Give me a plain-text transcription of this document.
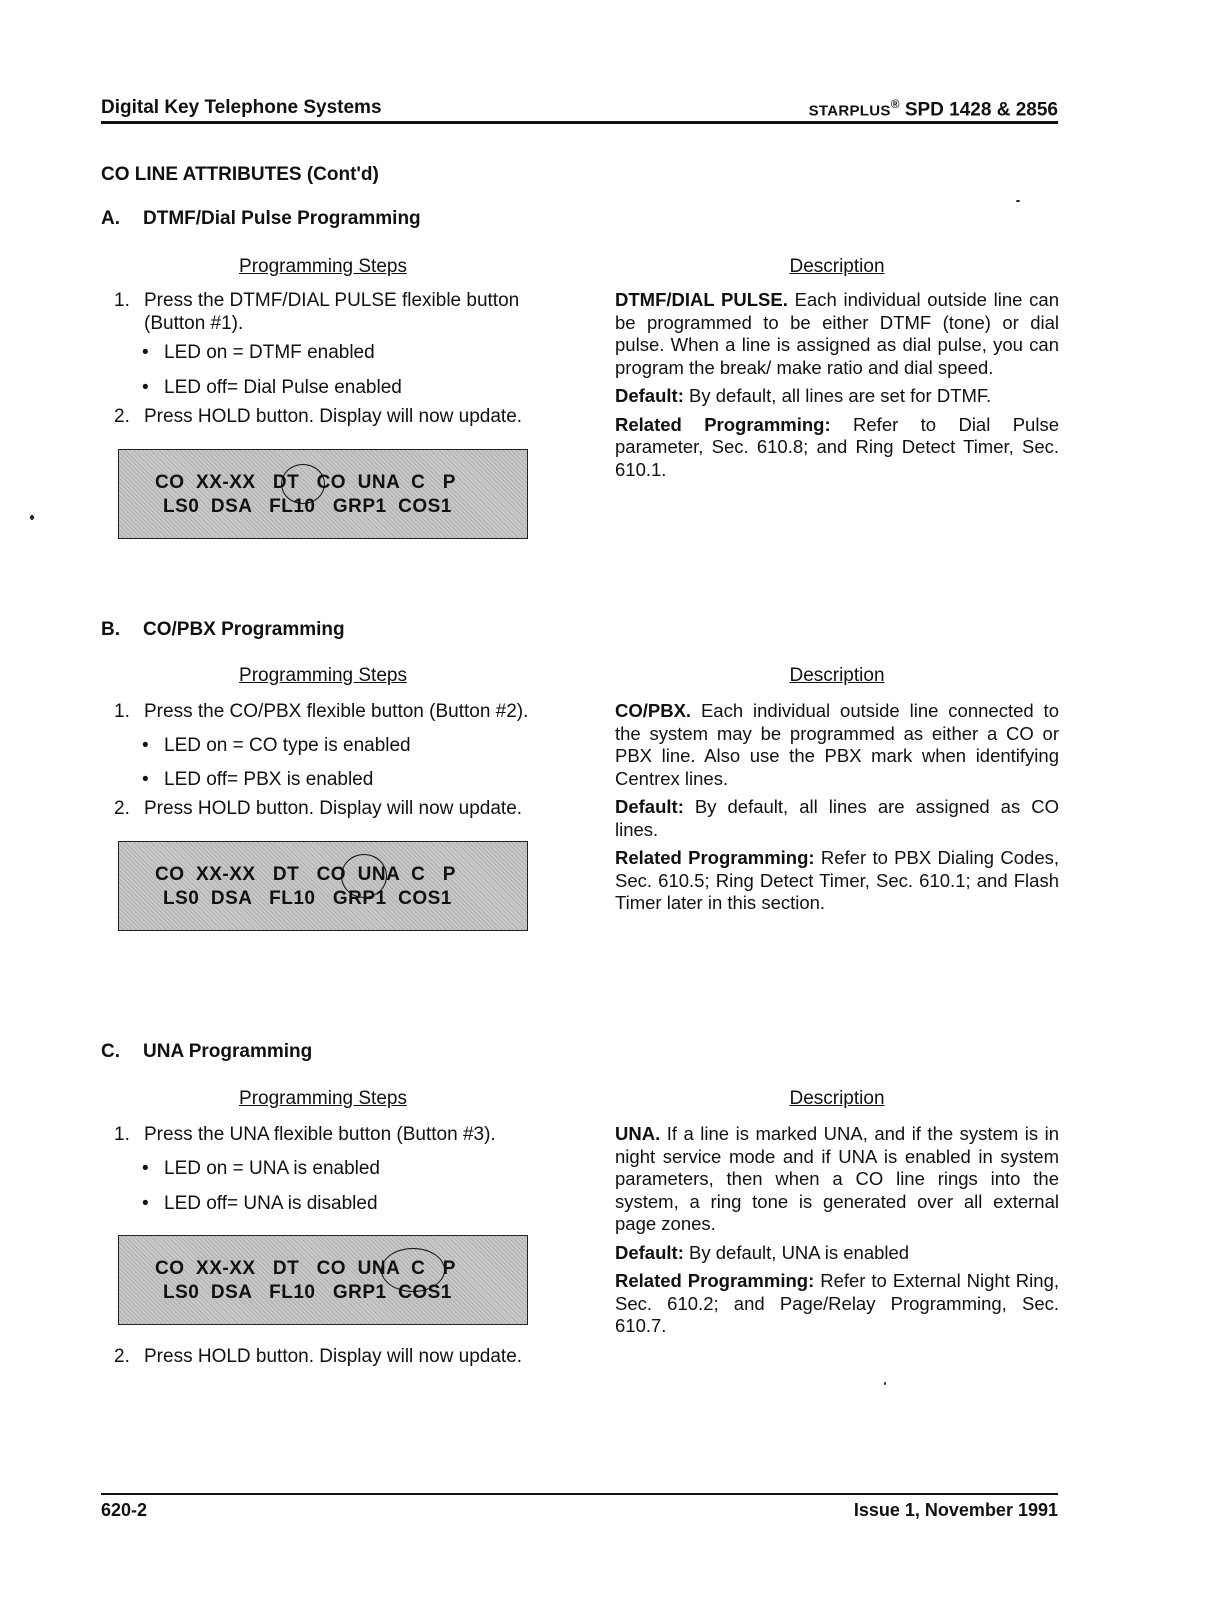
Digital Key Telephone Systems	STARPLUS® SPD 1428 & 2856
CO LINE ATTRIBUTES (Cont'd)
A. DTMF/Dial Pulse Programming
Programming Steps	Description
1. Press the DTMF/DIAL PULSE flexible button
(Button #1).
• LED on = DTMF enabled
• LED off= Dial Pulse enabled
2. Press HOLD button. Display will now update.
CO  XX-XX   DT   CO  UNA  C   P
LS0  DSA   FL10   GRP1  COS1

DTMF/DIAL PULSE. Each individual outside line can be programmed to be either DTMF (tone) or dial pulse. When a line is assigned as dial pulse, you can program the break/ make ratio and dial speed.

Default: By default, all lines are set for DTMF.

Related Programming: Refer to Dial Pulse parameter, Sec. 610.8; and Ring Detect Timer, Sec. 610.1.

B. CO/PBX Programming
Programming Steps	Description
1. Press the CO/PBX flexible button (Button #2).
• LED on = CO type is enabled
• LED off= PBX is enabled
2. Press HOLD button. Display will now update.
CO  XX-XX   DT   CO  UNA  C   P
LS0  DSA   FL10   GRP1  COS1

CO/PBX. Each individual outside line connected to the system may be programmed as either a CO or PBX line. Also use the PBX mark when identifying Centrex lines.

Default: By default, all lines are assigned as CO lines.

Related Programming: Refer to PBX Dialing Codes, Sec. 610.5; Ring Detect Timer, Sec. 610.1; and Flash Timer later in this section.

C. UNA Programming
Programming Steps	Description
1. Press the UNA flexible button (Button #3).
• LED on = UNA is enabled
• LED off= UNA is disabled
CO  XX-XX   DT   CO  UNA  C   P
LS0  DSA   FL10   GRP1  COS1
2. Press HOLD button. Display will now update.

UNA. If a line is marked UNA, and if the system is in night service mode and if UNA is enabled in system parameters, then when a CO line rings into the system, a ring tone is generated over all external page zones.

Default: By default, UNA is enabled

Related Programming: Refer to External Night Ring, Sec. 610.2; and Page/Relay Programming, Sec. 610.7.

620-2	Issue 1, November 1991
